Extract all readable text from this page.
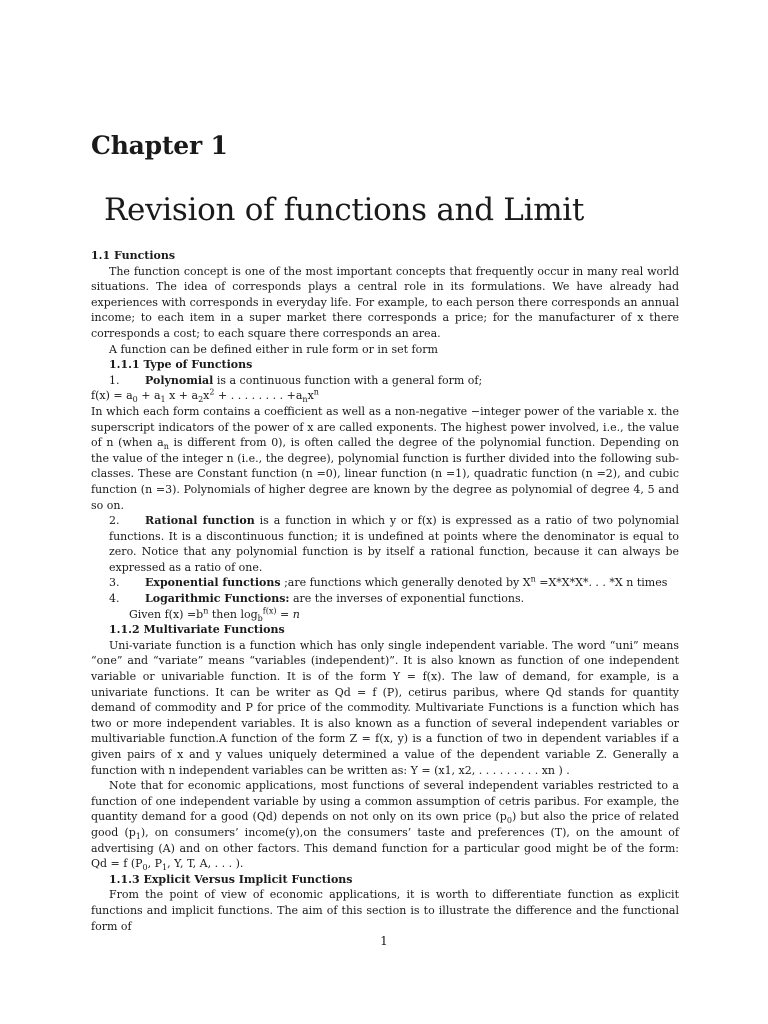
Chapter 1
Revision of functions and Limit

1.1 Functions

The function concept is one of the most important concepts that frequently occur in many real world situations. The idea of corresponds plays a central role in its formulations. We have already had experiences with corresponds in everyday life. For example, to each person there corresponds an annual income; to each item in a super market there corresponds a price; for the manufacturer of x there corresponds a cost; to each square there corresponds an area.

A function can be defined either in rule form or in set form

1.1.1 Type of Functions

1. Polynomial is a continuous function with a general form of;

$f(x) = a_0 + a_1$ $x + a_2x^2$ + . . . . . . . . $+a_nx^n$

In which each form contains a coefficient as well as a non-negative −integer power of the variable x. the superscript indicators of the power of x are called exponents. The highest power involved, i.e., the value of n (when $a_n$ is different from 0), is often called the degree of the polynomial function. Depending on the value of the integer n (i.e., the degree), polynomial function is further divided into the following sub-classes. These are Constant function (n =0), linear function (n =1), quadratic function (n =2), and cubic function (n =3). Polynomials of higher degree are known by the degree as polynomial of degree 4, 5 and so on.

2. Rational function is a function in which y or f(x) is expressed as a ratio of two polynomial functions. It is a discontinuous function; it is undefined at points where the denominator is equal to zero. Notice that any polynomial function is by itself a rational function, because it can always be expressed as a ratio of one.

3. Exponential functions ;are functions which generally denoted by $X^n =X*X*X*$. . . *X n times

4. Logarithmic Functions: are the inverses of exponential functions.

Given $f(x) =b^n$ then $\log_b^{f(x)} = n$

1.1.2 Multivariate Functions

Uni-variate function is a function which has only single independent variable. The word “uni” means “one” and “variate” means “variables (independent)”. It is also known as function of one independent variable or univariable function. It is of the form Y = f(x). The law of demand, for example, is a univariate functions. It can be writer as Qd = f (P), cetirus paribus, where Qd stands for quantity demand of commodity and P for price of the commodity. Multivariate Functions is a function which has two or more independent variables. It is also known as a function of several independent variables or multivariable function.A function of the form Z = f(x, y) is a function of two in dependent variables if a given pairs of x and y values uniquely determined a value of the dependent variable Z. Generally a function with n independent variables can be written as: Y = (x1, x2, . . . . . . . . . xn ) .

Note that for economic applications, most functions of several independent variables restricted to a function of one independent variable by using a common assumption of cetris paribus. For example, the quantity demand for a good (Qd) depends on not only on its own price $(p_0)$ but also the price of related good $(p_1)$, on consumers’ income(y),on the consumers’ taste and preferences (T), on the amount of advertising (A) and on other factors. This demand function for a particular good might be of the form: Qd = f ($P_0$, $P_1$, Y, T, A, . . . ).

1.1.3 Explicit Versus Implicit Functions

From the point of view of economic applications, it is worth to differentiate function as explicit functions and implicit functions. The aim of this section is to illustrate the difference and the functional form of

1
